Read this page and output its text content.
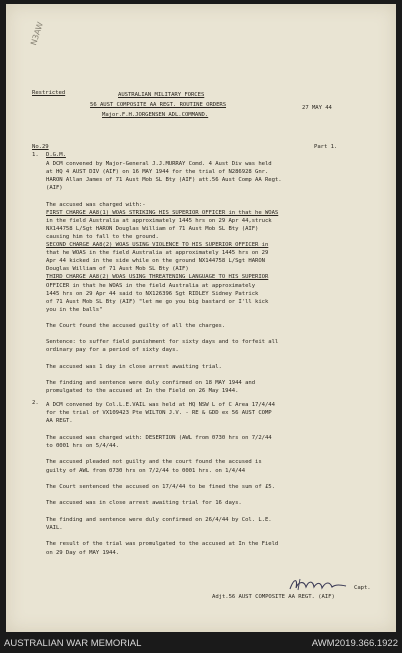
N3AW
Restricted	AUSTRALIAN MILITARY FORCES
56 AUST COMPOSITE AA REGT. ROUTINE ORDERS
Major.F.H.JORGENSEN ADL.COMMAND.
27 MAY 44
No.29	Part 1.
1. D.G.M.
A DCM convened by Major-General J.J.MURRAY Comd. 4 Aust Div was held
at HQ 4 AUST DIV (AIF) on 16 MAY 1944 for the trial of N286928 Gnr.
HARON Allan James of 71 Aust Mob SL Bty (AIF) att.56 Aust Comp AA Regt.
(AIF)
The accused was charged with:-
FIRST CHARGE AA8(1) WOAS STRIKING HIS SUPERIOR OFFICER in that he WOAS
in the field Australia at approximately 1445 hrs on 29 Apr 44,struck
NX144758 L/Sgt HARON Douglas William of 71 Aust Mob SL Bty (AIF)
causing him to fall to the ground.
SECOND CHARGE AA8(2) WOAS USING VIOLENCE TO HIS SUPERIOR OFFICER in
that he WOAS in the field Australia at approximately 1445 hrs on 29
Apr 44 kicked in the side while on the ground NX144758 L/Sgt HARON
Douglas William of 71 Aust Mob SL Bty (AIF)
THIRD CHARGE AA8(2) WOAS USING THREATENING LANGUAGE TO HIS SUPERIOR
OFFICER in that he WOAS in the field Australia at approximately
1445 hrs on 29 Apr 44 said to NX126396 Sgt RIDLEY Sidney Patrick
of 71 Aust Mob SL Bty (AIF) "let me go you big bastard or I'll kick
you in the balls"
The Court found the accused guilty of all the charges.
Sentence: to suffer field punishment for sixty days and to forfeit all
ordinary pay for a period of sixty days.
The accused was 1 day in close arrest awaiting trial.
The finding and sentence were duly confirmed on 18 MAY 1944 and
promulgated to the accused at In the Field on 26 May 1944.
2. A DCM convened by Col.L.E.VAIL was held at HQ NSW L of C Area 17/4/44
for the trial of VX109423 Pte WILTON J.V. - RE & GDD ex 56 AUST COMP
AA REGT.
The accused was charged with: DESERTION (AWL from 0730 hrs on 7/2/44
to 0001 hrs on 5/4/44.
The accused pleaded not guilty and the court found the accused is
guilty of AWL from 0730 hrs on 7/2/44 to 0001 hrs. on 1/4/44
The Court sentenced the accused on 17/4/44 to be fined the sum of £5.
The accused was in close arrest awaiting trial for 16 days.
The finding and sentence were duly confirmed on 26/4/44 by Col. L.E.
VAIL.
The result of the trial was promulgated to the accused at In the Field
on 29 Day of MAY 1944.
Capt.
Adjt.56 AUST COMPOSITE AA REGT. (AIF)
AUSTRALIAN WAR MEMORIAL	AWM2019.366.1922
